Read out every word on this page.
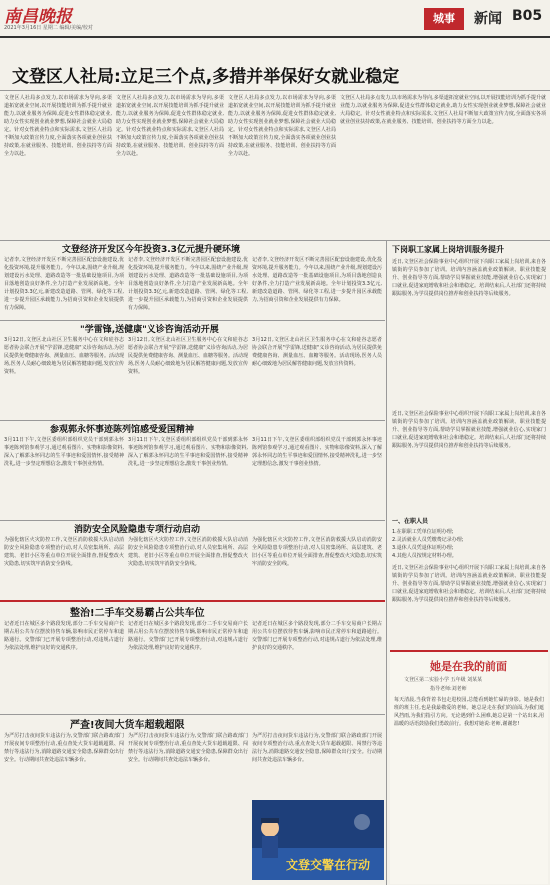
南昌晚报
2021年3月16日 星期二 编辑/美编/校对
城事	新闻 B05
文登区人社局:立足三个点,多措并举保好女就业稳定
文登区人社局多点发力,以市场需求为导向,多渠道拓宽就业空间,以开展技能培训为抓手提升就业能力,以就业服务为保障,促进女性群体稳定就业,助力女性实现创业就业梦想,保障社会就业大局稳定。针对女性就业特点和实际需求,文登区人社局不断加大政策宣传力度,全面落实各项就业创业扶持政策,在就业服务、技能培训、创业扶持等方面全力以赴。
文登区人社局多点发力,以市场需求为导向,多渠道拓宽就业空间,以开展技能培训为抓手提升就业能力,以就业服务为保障,促进女性群体稳定就业,助力女性实现创业就业梦想,保障社会就业大局稳定。针对女性就业特点和实际需求,文登区人社局不断加大政策宣传力度,全面落实各项就业创业扶持政策,在就业服务、技能培训、创业扶持等方面全力以赴。
文登区人社局多点发力,以市场需求为导向,多渠道拓宽就业空间,以开展技能培训为抓手提升就业能力,以就业服务为保障,促进女性群体稳定就业,助力女性实现创业就业梦想,保障社会就业大局稳定。针对女性就业特点和实际需求,文登区人社局不断加大政策宣传力度,全面落实各项就业创业扶持政策,在就业服务、技能培训、创业扶持等方面全力以赴。
文登区人社局多点发力,以市场需求为导向,多渠道拓宽就业空间,以开展技能培训为抓手提升就业能力,以就业服务为保障,促进女性群体稳定就业,助力女性实现创业就业梦想,保障社会就业大局稳定。针对女性就业特点和实际需求,文登区人社局不断加大政策宣传力度,全面落实各项就业创业扶持政策,在就业服务、技能培训、创业扶持等方面全力以赴。
文登经济开发区今年投资3.3亿元提升硬环境
记者李,文登经济开发区不断完善园区配套设施建设,优化投资环境,提升服务能力。今年以来,围绕产业升级,规划建设污水处理、道路改造等一批基础设施项目,为项目落地创造良好条件,全力打造产业发展新高地。全年计划投资3.3亿元,新建改造道路、管网、绿化等工程,进一步提升园区承载能力,为招商引资和企业发展提供有力保障。
记者李,文登经济开发区不断完善园区配套设施建设,优化投资环境,提升服务能力。今年以来,围绕产业升级,规划建设污水处理、道路改造等一批基础设施项目,为项目落地创造良好条件,全力打造产业发展新高地。全年计划投资3.3亿元,新建改造道路、管网、绿化等工程,进一步提升园区承载能力,为招商引资和企业发展提供有力保障。
记者李,文登经济开发区不断完善园区配套设施建设,优化投资环境,提升服务能力。今年以来,围绕产业升级,规划建设污水处理、道路改造等一批基础设施项目,为项目落地创造良好条件,全力打造产业发展新高地。全年计划投资3.3亿元,新建改造道路、管网、绿化等工程,进一步提升园区承载能力,为招商引资和企业发展提供有力保障。
"学雷锋,送健康"义诊咨询活动开展
3月12日,文登区北山社区卫生服务中心在文和硅谷志愿者协会联合开展"学雷锋,送健康"义诊咨询活动,为居民提供免费健康咨询、测量血压、血糖等服务。活动现场,医务人员耐心细致地为居民解答健康问题,发放宣传资料。
3月12日,文登区北山社区卫生服务中心在文和硅谷志愿者协会联合开展"学雷锋,送健康"义诊咨询活动,为居民提供免费健康咨询、测量血压、血糖等服务。活动现场,医务人员耐心细致地为居民解答健康问题,发放宣传资料。
3月12日,文登区北山社区卫生服务中心在文和硅谷志愿者协会联合开展"学雷锋,送健康"义诊咨询活动,为居民提供免费健康咨询、测量血压、血糖等服务。活动现场,医务人员耐心细致地为居民解答健康问题,发放宣传资料。
参观郭永怀事迹陈列馆感受爱国精神
3月11日下午,文登区委组织部组织党员干部到郭永怀事迹陈列馆参观学习,通过观看图片、实物和影像资料,深入了解郭永怀同志的生平事迹和爱国情怀,接受精神洗礼,进一步坚定理想信念,激发干事创业热情。
3月11日下午,文登区委组织部组织党员干部到郭永怀事迹陈列馆参观学习,通过观看图片、实物和影像资料,深入了解郭永怀同志的生平事迹和爱国情怀,接受精神洗礼,进一步坚定理想信念,激发干事创业热情。
3月11日下午,文登区委组织部组织党员干部到郭永怀事迹陈列馆参观学习,通过观看图片、实物和影像资料,深入了解郭永怀同志的生平事迹和爱国情怀,接受精神洗礼,进一步坚定理想信念,激发干事创业热情。
消防安全风险隐患专项行动启动
为强化辖区火灾防控工作,文登区消防救援大队启动消防安全风险隐患专项整治行动,对人员密集场所、高层建筑、老旧小区等重点单位开展全面排查,督促整改火灾隐患,切实筑牢消防安全防线。
为强化辖区火灾防控工作,文登区消防救援大队启动消防安全风险隐患专项整治行动,对人员密集场所、高层建筑、老旧小区等重点单位开展全面排查,督促整改火灾隐患,切实筑牢消防安全防线。
为强化辖区火灾防控工作,文登区消防救援大队启动消防安全风险隐患专项整治行动,对人员密集场所、高层建筑、老旧小区等重点单位开展全面排查,督促整改火灾隐患,切实筑牢消防安全防线。
整治!二手车交易霸占公共车位
记者近日在城区多个路段发现,部分二手车交易商户长期占用公共车位摆放待售车辆,影响市民正常停车和道路通行。交警部门已开展专项整治行动,对违规占道行为依法处理,维护良好的交通秩序。
记者近日在城区多个路段发现,部分二手车交易商户长期占用公共车位摆放待售车辆,影响市民正常停车和道路通行。交警部门已开展专项整治行动,对违规占道行为依法处理,维护良好的交通秩序。
记者近日在城区多个路段发现,部分二手车交易商户长期占用公共车位摆放待售车辆,影响市民正常停车和道路通行。交警部门已开展专项整治行动,对违规占道行为依法处理,维护良好的交通秩序。
严查!夜间大货车超载超限
为严厉打击夜间货车违法行为,交警部门联合路政部门开展夜间专项整治行动,重点查处大货车超载超限、闯禁行等违法行为,消除道路交通安全隐患,保障群众出行安全。行动期间共查处违法车辆多台。
为严厉打击夜间货车违法行为,交警部门联合路政部门开展夜间专项整治行动,重点查处大货车超载超限、闯禁行等违法行为,消除道路交通安全隐患,保障群众出行安全。行动期间共查处违法车辆多台。
为严厉打击夜间货车违法行为,交警部门联合路政部门开展夜间专项整治行动,重点查处大货车超载超限、闯禁行等违法行为,消除道路交通安全隐患,保障群众出行安全。行动期间共查处违法车辆多台。
文登交警在行动
下岗职工家属上岗培训服务提升
近日,文登区社会保险事业中心组织开展下岗职工家属上岗培训,来自各镇街的学员参加了培训。培训内容涵盖就业政策解读、职业技能提升、创业指导等方面,帮助学员掌握就业技能,增强就业信心,实现家门口就业,促进家庭增收和社会和谐稳定。培训结束后,人社部门还将持续跟踪服务,为学员提供岗位推荐和创业扶持等后续服务。
近日,文登区社会保险事业中心组织开展下岗职工家属上岗培训,来自各镇街的学员参加了培训。培训内容涵盖就业政策解读、职业技能提升、创业指导等方面,帮助学员掌握就业技能,增强就业信心,实现家门口就业,促进家庭增收和社会和谐稳定。培训结束后,人社部门还将持续跟踪服务,为学员提供岗位推荐和创业扶持等后续服务。
一、在职人员
1.在职职工凭单位证明办理;
2.灵活就业人员凭缴费记录办理;
3.退休人员凭退休证明办理;
4.其他人员按规定材料办理。
近日,文登区社会保险事业中心组织开展下岗职工家属上岗培训,来自各镇街的学员参加了培训。培训内容涵盖就业政策解读、职业技能提升、创业指导等方面,帮助学员掌握就业技能,增强就业信心,实现家门口就业,促进家庭增收和社会和谐稳定。培训结束后,人社部门还将持续跟踪服务,为学员提供岗位推荐和创业扶持等后续服务。
她是在我的前面
文登区第二实验小学 五年级 刘某某
指导老师:刘老师
每天清晨,当我背着书包走进校园,总能看到她忙碌的身影。她是我们班的班主任,也是我最敬爱的老师。她总是走在我们的前面,为我们遮风挡雨,为我们指引方向。无论遇到什么困难,她总是第一个站出来,用温暖的话语鼓励我们勇敢前行。我想对她说:老师,谢谢您!
